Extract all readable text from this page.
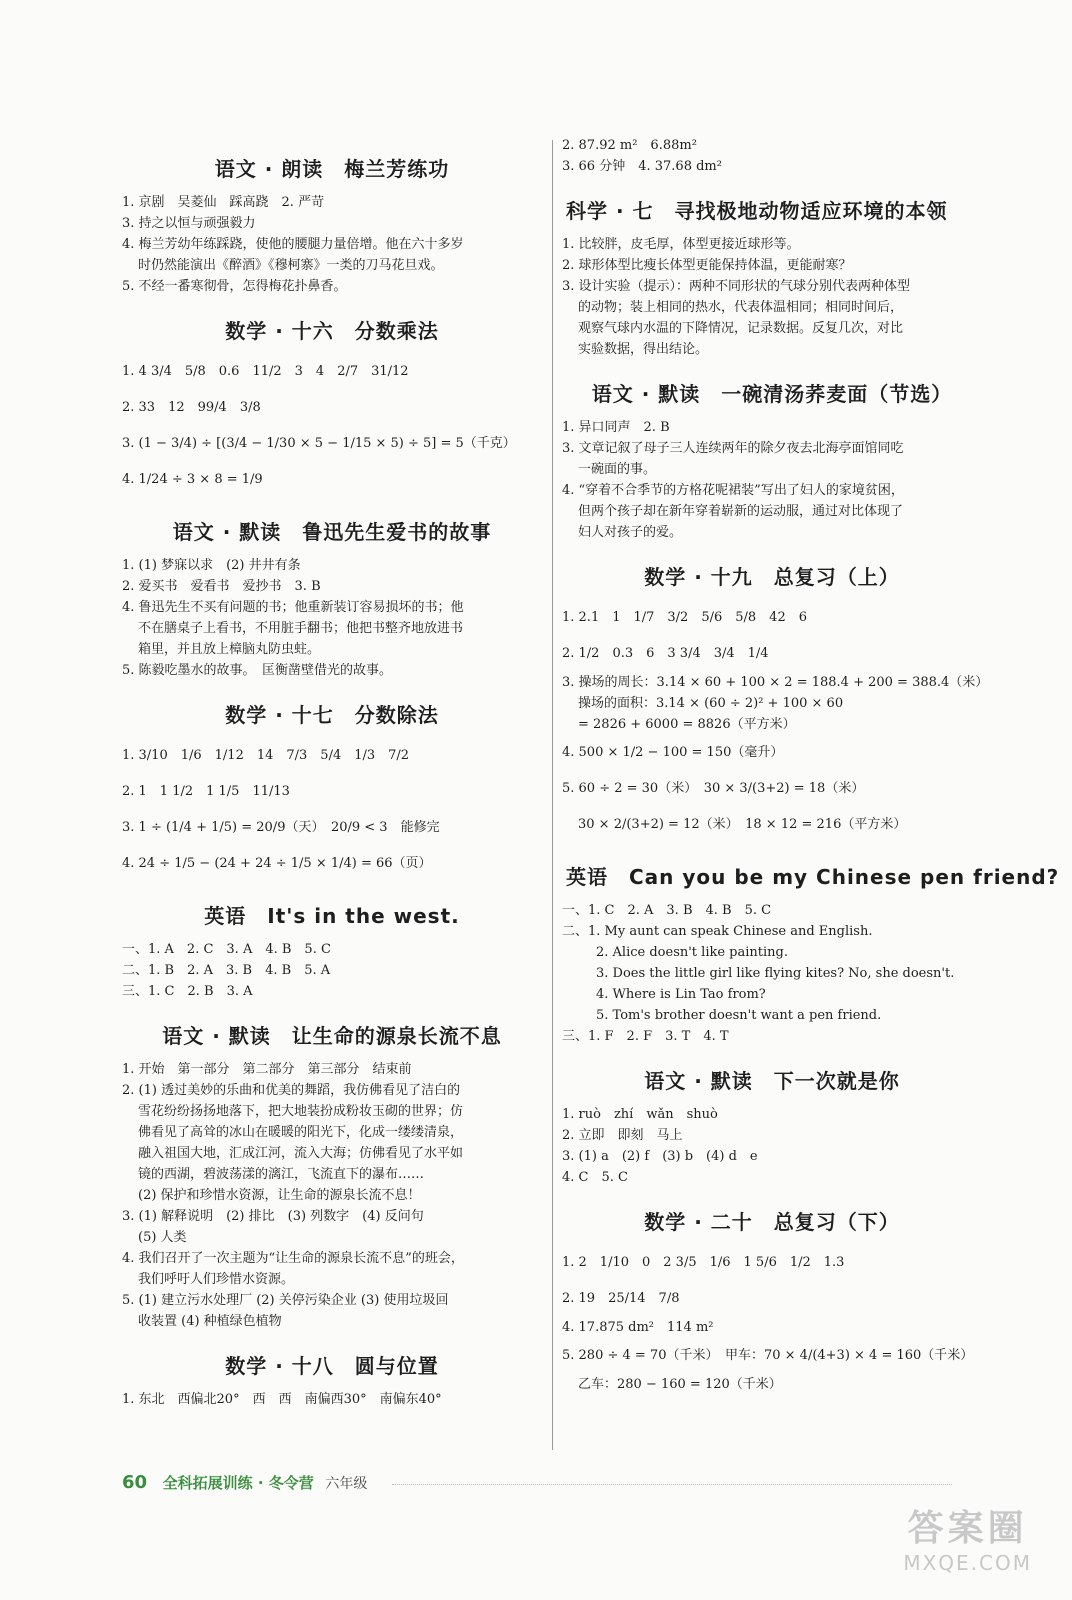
语文 · 朗读　梅兰芳练功
1. 京剧　吴菱仙　踩高跷　2. 严苛
3. 持之以恒与顽强毅力
4. 梅兰芳幼年练踩跷，使他的腰腿力量倍增。他在六十多岁
时仍然能演出《醉酒》《穆柯寨》一类的刀马花旦戏。
5. 不经一番寒彻骨，怎得梅花扑鼻香。
数学 · 十六　分数乘法
1. 4 3/4　5/8　0.6　11/2　3　4　2/7　31/12
2. 33　12　99/4　3/8
3. (1 − 3/4) ÷ [(3/4 − 1/30 × 5 − 1/15 × 5) ÷ 5] = 5（千克）
4. 1/24 ÷ 3 × 8 = 1/9
语文 · 默读　鲁迅先生爱书的故事
1. (1) 梦寐以求　(2) 井井有条
2. 爱买书　爱看书　爱抄书　3. B
4. 鲁迅先生不买有问题的书；他重新装订容易损坏的书；他
不在膳桌子上看书，不用脏手翻书；他把书整齐地放进书
箱里，并且放上樟脑丸防虫蛀。
5. 陈毅吃墨水的故事。　匡衡凿壁借光的故事。
数学 · 十七　分数除法
1. 3/10　1/6　1/12　14　7/3　5/4　1/3　7/2
2. 1　1 1/2　1 1/5　11/13
3. 1 ÷ (1/4 + 1/5) = 20/9（天）　20/9 < 3　能修完
4. 24 ÷ 1/5 − (24 + 24 ÷ 1/5 × 1/4) = 66（页）
英语　It's in the west.
一、1. A　2. C　3. A　4. B　5. C
二、1. B　2. A　3. B　4. B　5. A
三、1. C　2. B　3. A
语文 · 默读　让生命的源泉长流不息
1. 开始　第一部分　第二部分　第三部分　结束前
2. (1) 透过美妙的乐曲和优美的舞蹈，我仿佛看见了洁白的
雪花纷纷扬扬地落下，把大地装扮成粉妆玉砌的世界；仿
佛看见了高耸的冰山在暖暖的阳光下，化成一缕缕清泉，
融入祖国大地，汇成江河，流入大海；仿佛看见了水平如
镜的西湖，碧波荡漾的漓江，飞流直下的瀑布……
(2) 保护和珍惜水资源，让生命的源泉长流不息！
3. (1) 解释说明　(2) 排比　(3) 列数字　(4) 反问句
(5) 人类
4. 我们召开了一次主题为“让生命的源泉长流不息”的班会，
我们呼吁人们珍惜水资源。
5. (1) 建立污水处理厂 (2) 关停污染企业 (3) 使用垃圾回
收装置 (4) 种植绿色植物
数学 · 十八　圆与位置
1. 东北　西偏北20°　西　西　南偏西30°　南偏东40°
2. 87.92 m²　6.88m²
3. 66 分钟　4. 37.68 dm²
科学 · 七　寻找极地动物适应环境的本领
1. 比较胖，皮毛厚，体型更接近球形等。
2. 球形体型比瘦长体型更能保持体温，更能耐寒？
3. 设计实验（提示）：两种不同形状的气球分别代表两种体型
的动物；装上相同的热水，代表体温相同；相同时间后，
观察气球内水温的下降情况，记录数据。反复几次，对比
实验数据，得出结论。
语文 · 默读　一碗清汤荞麦面（节选）
1. 异口同声　2. B
3. 文章记叙了母子三人连续两年的除夕夜去北海亭面馆同吃
一碗面的事。
4. “穿着不合季节的方格花呢裙装”写出了妇人的家境贫困，
但两个孩子却在新年穿着崭新的运动服，通过对比体现了
妇人对孩子的爱。
数学 · 十九　总复习（上）
1. 2.1　1　1/7　3/2　5/6　5/8　42　6
2. 1/2　0.3　6　3 3/4　3/4　1/4
3. 操场的周长：3.14 × 60 + 100 × 2 = 188.4 + 200 = 388.4（米）
操场的面积：3.14 × (60 ÷ 2)² + 100 × 60
= 2826 + 6000 = 8826（平方米）
4. 500 × 1/2 − 100 = 150（毫升）
5. 60 ÷ 2 = 30（米）　30 × 3/(3+2) = 18（米）
30 × 2/(3+2) = 12（米）　18 × 12 = 216（平方米）
英语　Can you be my Chinese pen friend?
一、1. C　2. A　3. B　4. B　5. C
二、1. My aunt can speak Chinese and English.
2. Alice doesn't like painting.
3. Does the little girl like flying kites? No, she doesn't.
4. Where is Lin Tao from?
5. Tom's brother doesn't want a pen friend.
三、1. F　2. F　3. T　4. T
语文 · 默读　下一次就是你
1. ruò　zhí　wǎn　shuò
2. 立即　即刻　马上
3. (1) a　(2) f　(3) b　(4) d　e
4. C　5. C
数学 · 二十　总复习（下）
1. 2　1/10　0　2 3/5　1/6　1 5/6　1/2　1.3
2. 19　25/14　7/8
4. 17.875 dm²　114 m²
5. 280 ÷ 4 = 70（千米）　甲车：70 × 4/(4+3) × 4 = 160（千米）
乙车：280 − 160 = 120（千米）
60 全科拓展训练 · 冬令营 六年级
答案圈
MXQE.COM
